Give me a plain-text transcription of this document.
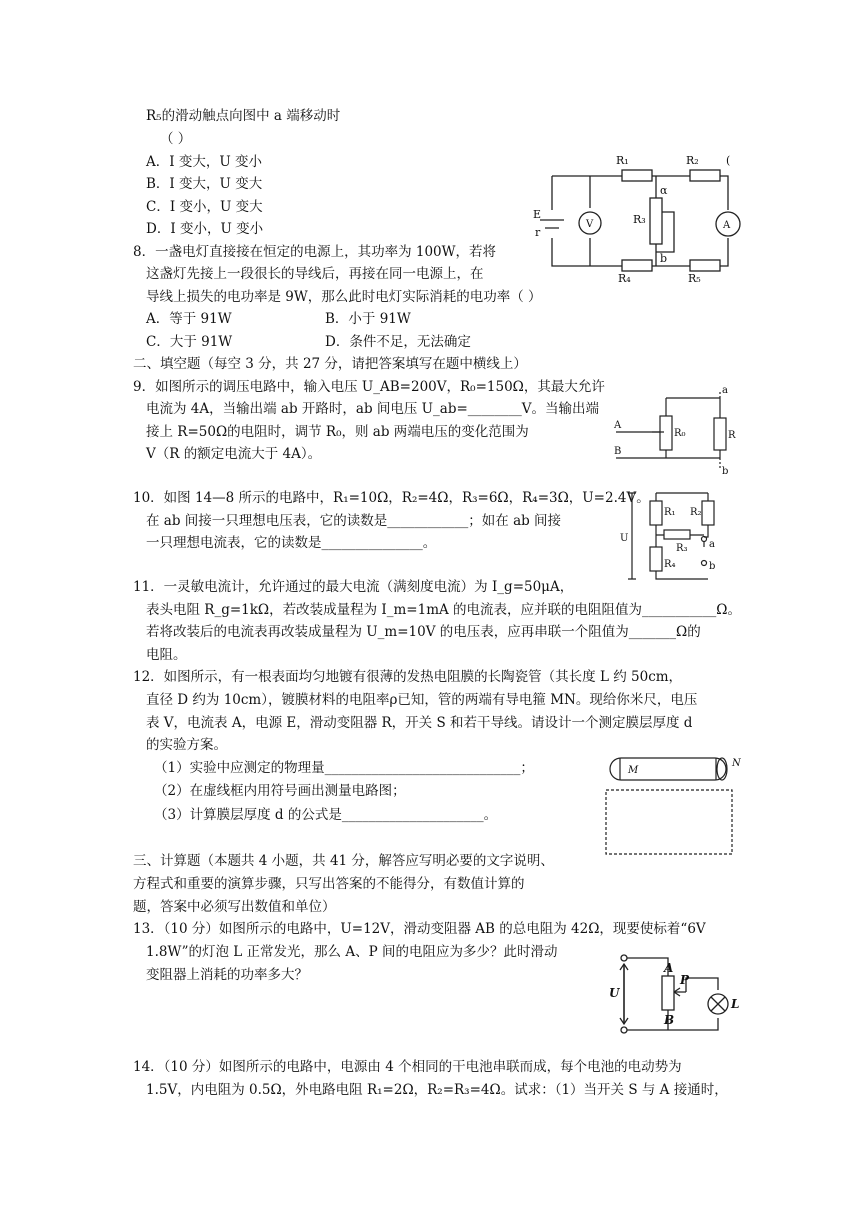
R₅的滑动触点向图中 a 端移动时
（ ）
A．I 变大，U 变小
B．I 变大，U 变大
C．I 变小，U 变大
D．I 变小，U 变小
R₁	R₂ (
α
R₃
b
R₄	R₅
E
r
V	A
8．一盏电灯直接接在恒定的电源上，其功率为 100W，若将
这盏灯先接上一段很长的导线后，再接在同一电源上，在
导线上损失的电功率是 9W，那么此时电灯实际消耗的电功率（ ）
A．等于 91W	B．小于 91W
C．大于 91W	D．条件不足，无法确定
二、填空题（每空 3 分，共 27 分，请把答案填写在题中横线上）
9．如图所示的调压电路中，输入电压 U_AB=200V，R₀=150Ω，其最大允许
电流为 4A，当输出端 ab 开路时，ab 间电压 U_ab=________V。当输出端
接上 R=50Ω的电阻时，调节 R₀，则 ab 两端电压的变化范围为
V（R 的额定电流大于 4A）。
a
b
A
B
R₀	R
10．如图 14—8 所示的电路中，R₁=10Ω，R₂=4Ω，R₃=6Ω，R₄=3Ω，U=2.4V。
在 ab 间接一只理想电压表，它的读数是____________；如在 ab 间接
一只理想电流表，它的读数是_______________。
R₁ R₂
R₃
R₄
U
a
b
11．一灵敏电流计，允许通过的最大电流（满刻度电流）为 I_g=50μA，
表头电阻 R_g=1kΩ，若改装成量程为 I_m=1mA 的电流表，应并联的电阻阻值为___________Ω。
若将改装后的电流表再改装成量程为 U_m=10V 的电压表，应再串联一个阻值为_______Ω的
电阻。
12．如图所示，有一根表面均匀地镀有很薄的发热电阻膜的长陶瓷管（其长度 L 约 50cm，
直径 D 约为 10cm），镀膜材料的电阻率ρ已知，管的两端有导电箍 MN。现给你米尺，电压
表 V，电流表 A，电源 E，滑动变阻器 R，开关 S 和若干导线。请设计一个测定膜层厚度 d
的实验方案。
（1）实验中应测定的物理量_____________________________；
（2）在虚线框内用符号画出测量电路图；
（3）计算膜层厚度 d 的公式是_____________________。
M
N
三、计算题（本题共 4 小题，共 41 分，解答应写明必要的文字说明、
方程式和重要的演算步骤，只写出答案的不能得分，有数值计算的
题，答案中必须写出数值和单位）
13．（10 分）如图所示的电路中，U=12V，滑动变阻器 AB 的总电阻为 42Ω，现要使标着“6V
1.8W”的灯泡 L 正常发光，那么 A、P 间的电阻应为多少？此时滑动
变阻器上消耗的功率多大？
U
A
P
B
L
14．（10 分）如图所示的电路中，电源由 4 个相同的干电池串联而成，每个电池的电动势为
1.5V，内电阻为 0.5Ω，外电路电阻 R₁=2Ω，R₂=R₃=4Ω。试求：（1）当开关 S 与 A 接通时，
